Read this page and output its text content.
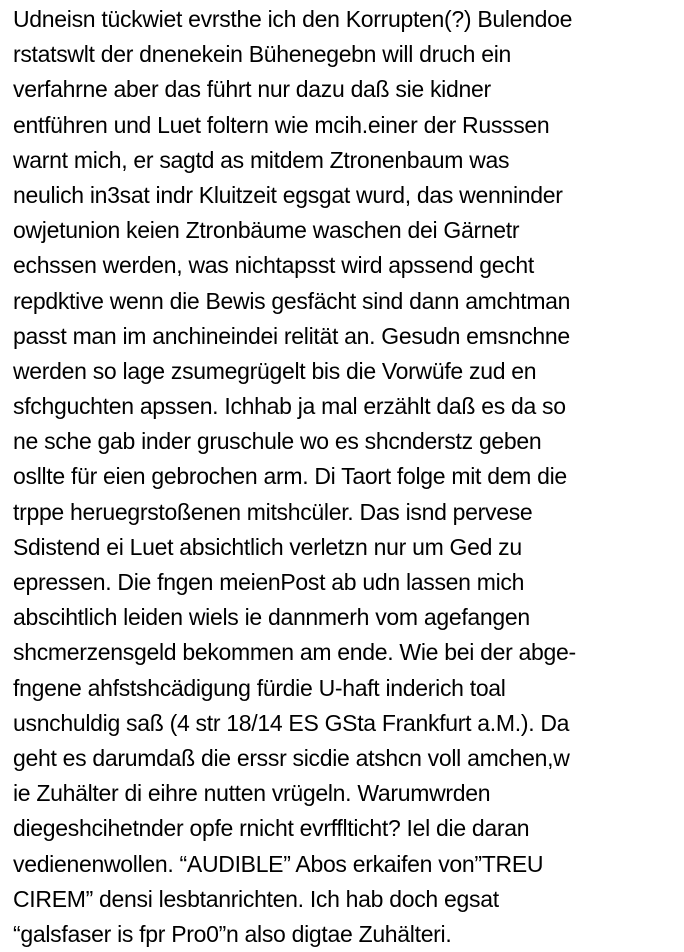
Udneisn tückwiet evrsthe ich den Korrupten(?) Bulendoe
rstatswlt der dnenekein Bühenegebn will druch ein
verfahrne aber das führt nur dazu daß sie kidner
entführen und Luet foltern wie mcih.einer der Russsen
warnt mich, er sagtd as mitdem Ztronenbaum was
neulich in3sat indr Kluitzeit egsgat wurd, das wenninder
owjetunion keien Ztronbäume waschen dei Gärnetr
echssen werden, was nichtapsst wird apssend gecht
repdktive wenn die Bewis gesfächt sind dann amchtman
passt man im anchineindei relität an. Gesudn emsnchne
werden so lage zsumegrügelt bis die Vorwüfe zud en
sfchguchten apssen. Ichhab ja mal erzählt daß es da so
ne sche gab inder gruschule wo es shcnderstz geben
osllte für eien gebrochen arm. Di Taort folge mit dem die
trppe heruegrstoßenen mitshcüler. Das isnd pervese
Sdistend ei Luet absichtlich verletzn nur um Ged zu
epressen. Die fngen meienPost ab udn lassen mich
abscihtlich leiden wiels ie dannmerh vom agefangen
shcmerzensgeld bekommen am ende. Wie bei der abge-
fngene ahfstshcädigung fürdie U-haft inderich toal
usnchuldig saß (4 str 18/14 ES GSta Frankfurt a.M.). Da
geht es darumdaß die erssr sicdie atshcn voll amchen,w
ie Zuhälter di eihre nutten vrügeln. Warumwrden
diegeshcihetnder opfe rnicht evrfflticht? Iel die daran
vedienenwollen. “AUDIBLE” Abos erkaifen von”TREU
CIREM” densi lesbtanrichten. Ich hab doch egsat
“galsfaser is fpr Pro0”n also digtae Zuhälteri.
